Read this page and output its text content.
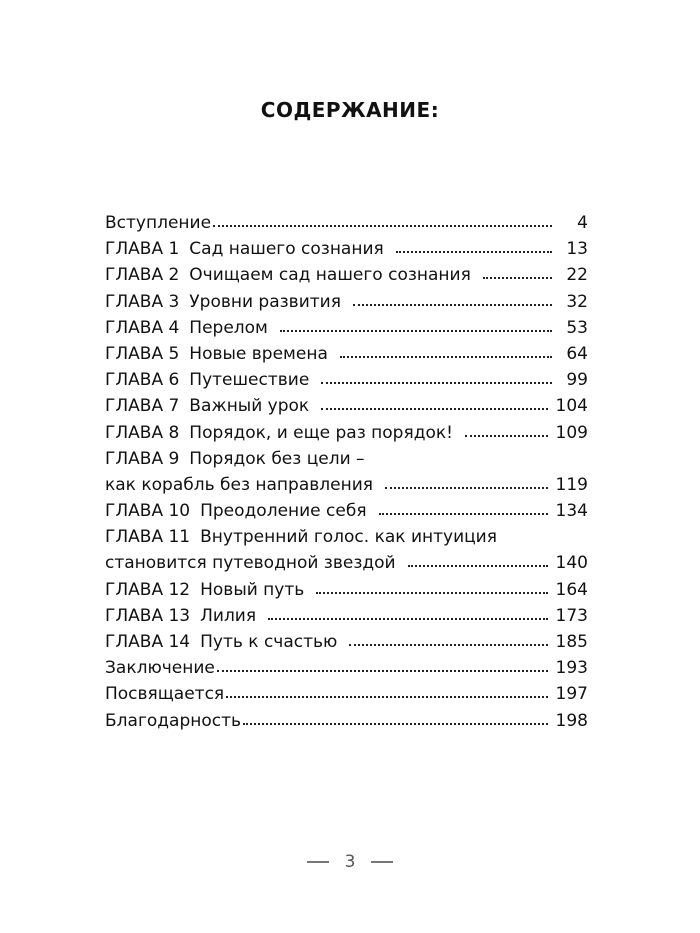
СОДЕРЖАНИЕ:
Вступление	4
ГЛАВА 1 Сад нашего сознания	13
ГЛАВА 2 Очищаем сад нашего сознания	22
ГЛАВА 3 Уровни развития	32
ГЛАВА 4 Перелом	53
ГЛАВА 5 Новые времена	64
ГЛАВА 6 Путешествие	99
ГЛАВА 7 Важный урок	104
ГЛАВА 8 Порядок, и еще раз порядок!	109
ГЛАВА 9 Порядок без цели –
как корабль без направления	119
ГЛАВА 10 Преодоление себя	134
ГЛАВА 11 Внутренний голос. как интуиция
становится путеводной звездой	140
ГЛАВА 12 Новый путь	164
ГЛАВА 13 Лилия	173
ГЛАВА 14 Путь к счастью	185
Заключение	193
Посвящается	197
Благодарность	198
3
